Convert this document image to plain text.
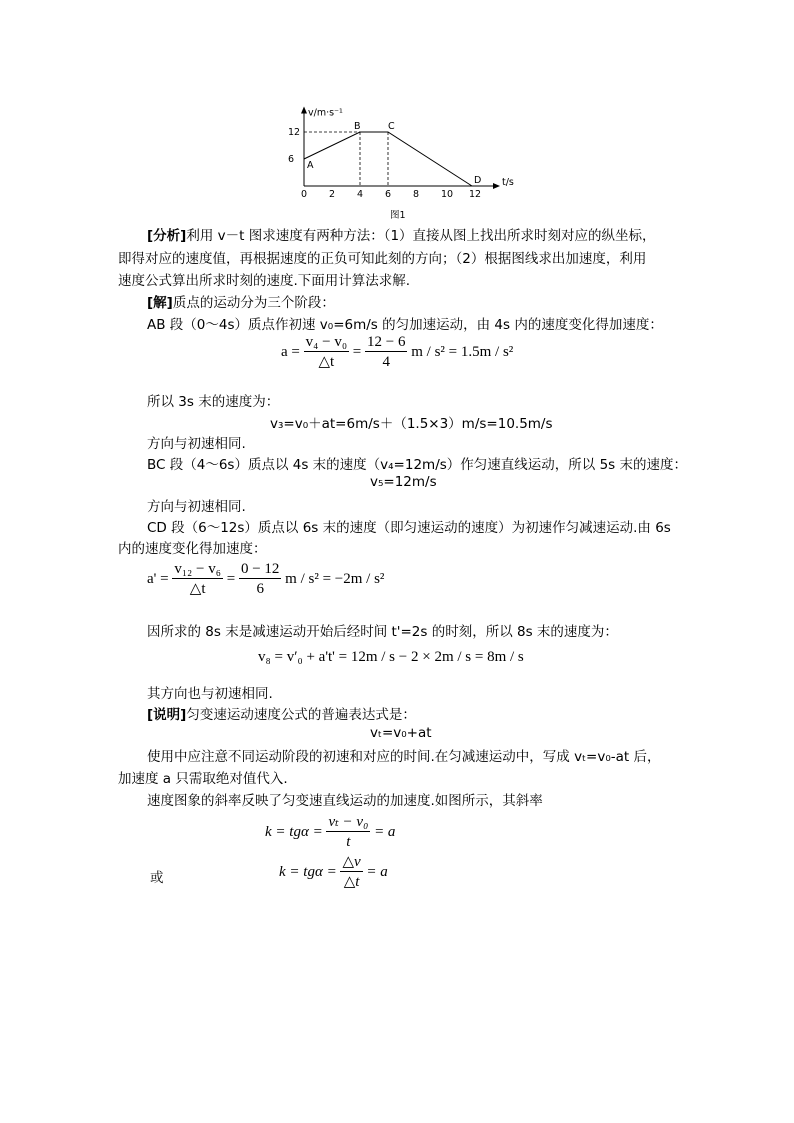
v/m·s⁻¹
t/s
0 2 4 6 8 10 12
6
12
A
B	C
D
图1
[分析]利用 v－t 图求速度有两种方法：（1）直接从图上找出所求时刻对应的纵坐标，
即得对应的速度值，再根据速度的正负可知此刻的方向；（2）根据图线求出加速度，利用
速度公式算出所求时刻的速度.下面用计算法求解.
[解]质点的运动分为三个阶段：
AB 段（0～4s）质点作初速 v₀=6m/s 的匀加速运动，由 4s 内的速度变化得加速度：
$a = \frac{\text{v₄ − v₀}}{\triangle t} = \frac{12 - 6}{4}$ m / s² = 1.5m / s²
所以 3s 末的速度为：
v₃=v₀＋at=6m/s＋（1.5×3）m/s=10.5m/s
方向与初速相同.
BC 段（4～6s）质点以 4s 末的速度（v₄=12m/s）作匀速直线运动，所以 5s 末的速度：
v₅=12m/s
方向与初速相同.
CD 段（6～12s）质点以 6s 末的速度（即匀速运动的速度）为初速作匀减速运动.由 6s
内的速度变化得加速度：
$a' = \frac{\text{v₁₂ − v₆}}{\triangle t} = \frac{0 - 12}{6}$ m / s² = −2m / s²
因所求的 8s 末是减速运动开始后经时间 t'=2s 的时刻，所以 8s 末的速度为：
v₈ = v′₀ + a't' = 12m / s − 2 × 2m / s = 8m / s
其方向也与初速相同.
[说明]匀变速运动速度公式的普遍表达式是：
vₜ=v₀+at
使用中应注意不同运动阶段的初速和对应的时间.在匀减速运动中，写成 vₜ=v₀-at 后，
加速度 a 只需取绝对值代入.
速度图象的斜率反映了匀变速直线运动的加速度.如图所示，其斜率
$k = tg\alpha = \frac{\text{vₜ − v₀}}{t} = a$
或	$k = tg\alpha = \frac{\triangle v}{\triangle t} = a$
